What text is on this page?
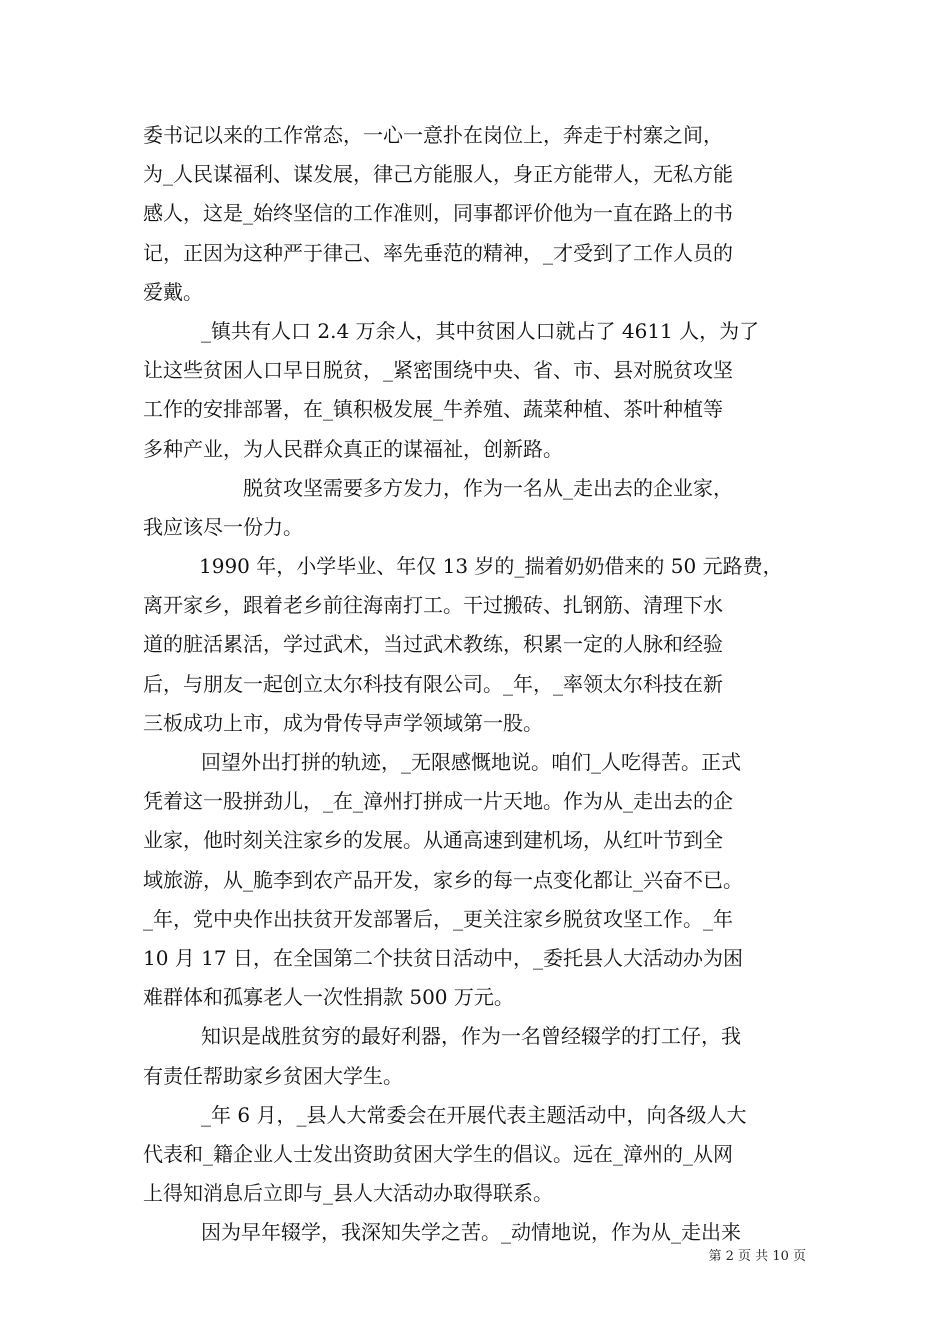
委书记以来的工作常态，一心一意扑在岗位上，奔走于村寨之间，
为_人民谋福利、谋发展，律己方能服人，身正方能带人，无私方能
感人，这是_始终坚信的工作准则，同事都评价他为一直在路上的书
记，正因为这种严于律己、率先垂范的精神，_才受到了工作人员的
爱戴。
_镇共有人口 2.4 万余人，其中贫困人口就占了 4611 人，为了
让这些贫困人口早日脱贫，_紧密围绕中央、省、市、县对脱贫攻坚
工作的安排部署，在_镇积极发展_牛养殖、蔬菜种植、茶叶种植等
多种产业，为人民群众真正的谋福祉，创新路。
脱贫攻坚需要多方发力，作为一名从_走出去的企业家，
我应该尽一份力。
1990 年，小学毕业、年仅 13 岁的_揣着奶奶借来的 50 元路费，
离开家乡，跟着老乡前往海南打工。干过搬砖、扎钢筋、清理下水
道的脏活累活，学过武术，当过武术教练，积累一定的人脉和经验
后，与朋友一起创立太尔科技有限公司。_年，_率领太尔科技在新
三板成功上市，成为骨传导声学领域第一股。
回望外出打拼的轨迹，_无限感慨地说。咱们_人吃得苦。正式
凭着这一股拼劲儿，_在_漳州打拼成一片天地。作为从_走出去的企
业家，他时刻关注家乡的发展。从通高速到建机场，从红叶节到全
域旅游，从_脆李到农产品开发，家乡的每一点变化都让_兴奋不已。
_年，党中央作出扶贫开发部署后，_更关注家乡脱贫攻坚工作。_年
10 月 17 日，在全国第二个扶贫日活动中，_委托县人大活动办为困
难群体和孤寡老人一次性捐款 500 万元。
知识是战胜贫穷的最好利器，作为一名曾经辍学的打工仔，我
有责任帮助家乡贫困大学生。
_年 6 月，_县人大常委会在开展代表主题活动中，向各级人大
代表和_籍企业人士发出资助贫困大学生的倡议。远在_漳州的_从网
上得知消息后立即与_县人大活动办取得联系。
因为早年辍学，我深知失学之苦。_动情地说，作为从_走出来
第 2 页 共 10 页
